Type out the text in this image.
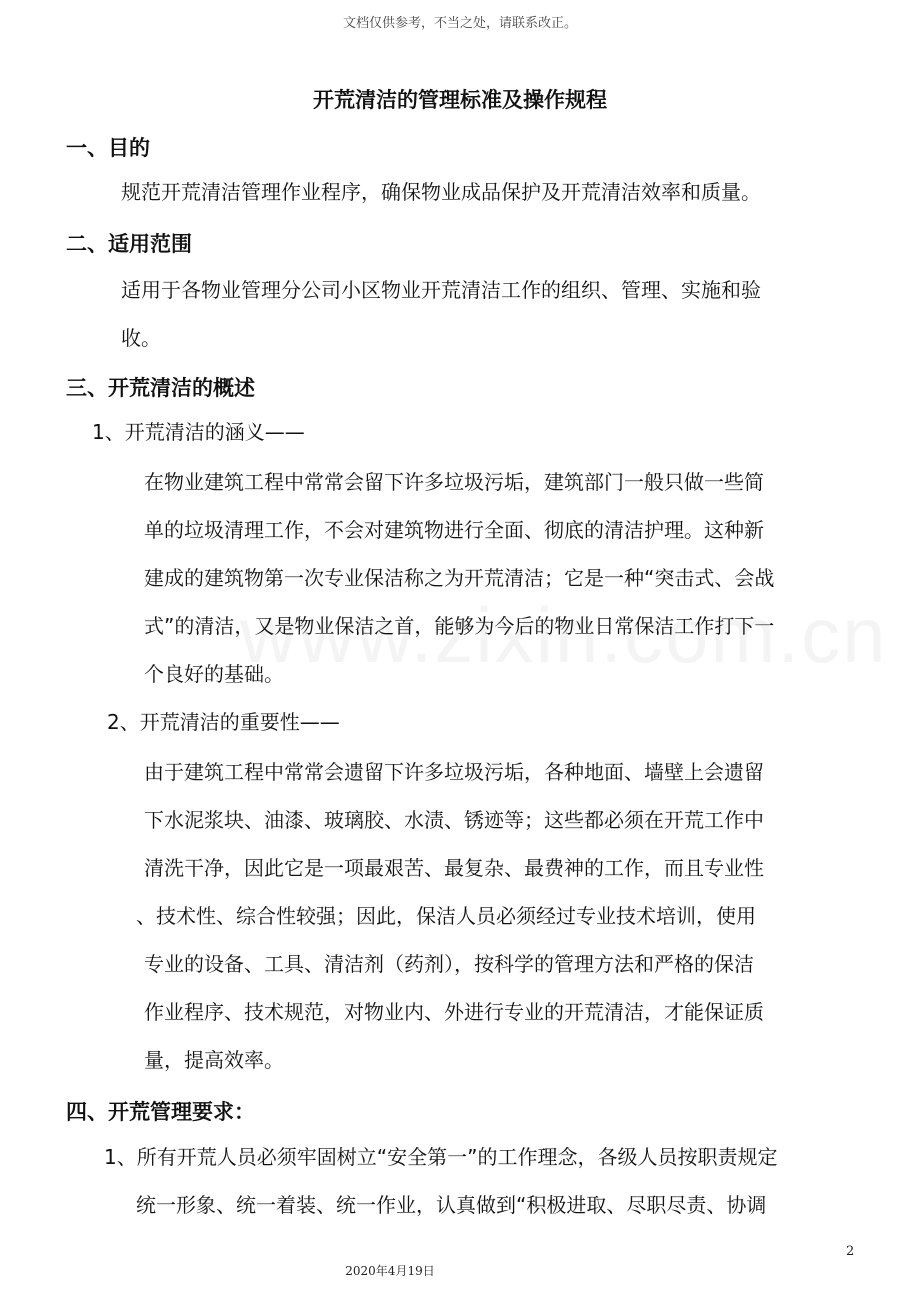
文档仅供参考，不当之处，请联系改正。
开荒清洁的管理标准及操作规程
一、目的
规范开荒清洁管理作业程序，确保物业成品保护及开荒清洁效率和质量。
二、适用范围
适用于各物业管理分公司小区物业开荒清洁工作的组织、管理、实施和验
收。
三、开荒清洁的概述
1、开荒清洁的涵义——
在物业建筑工程中常常会留下许多垃圾污垢，建筑部门一般只做一些简
单的垃圾清理工作，不会对建筑物进行全面、彻底的清洁护理。这种新
建成的建筑物第一次专业保洁称之为开荒清洁；它是一种“突击式、会战
式”的清洁，又是物业保洁之首，能够为今后的物业日常保洁工作打下一
个良好的基础。
2、开荒清洁的重要性——
由于建筑工程中常常会遗留下许多垃圾污垢，各种地面、墙壁上会遗留
下水泥浆块、油漆、玻璃胶、水渍、锈迹等；这些都必须在开荒工作中
清洗干净，因此它是一项最艰苦、最复杂、最费神的工作，而且专业性
、技术性、综合性较强；因此，保洁人员必须经过专业技术培训，使用
专业的设备、工具、清洁剂（药剂），按科学的管理方法和严格的保洁
作业程序、技术规范，对物业内、外进行专业的开荒清洁，才能保证质
量，提高效率。
四、开荒管理要求：
1、所有开荒人员必须牢固树立“安全第一”的工作理念，各级人员按职责规定
统一形象、统一着装、统一作业，认真做到“积极进取、尽职尽责、协调
2
2020年4月19日
